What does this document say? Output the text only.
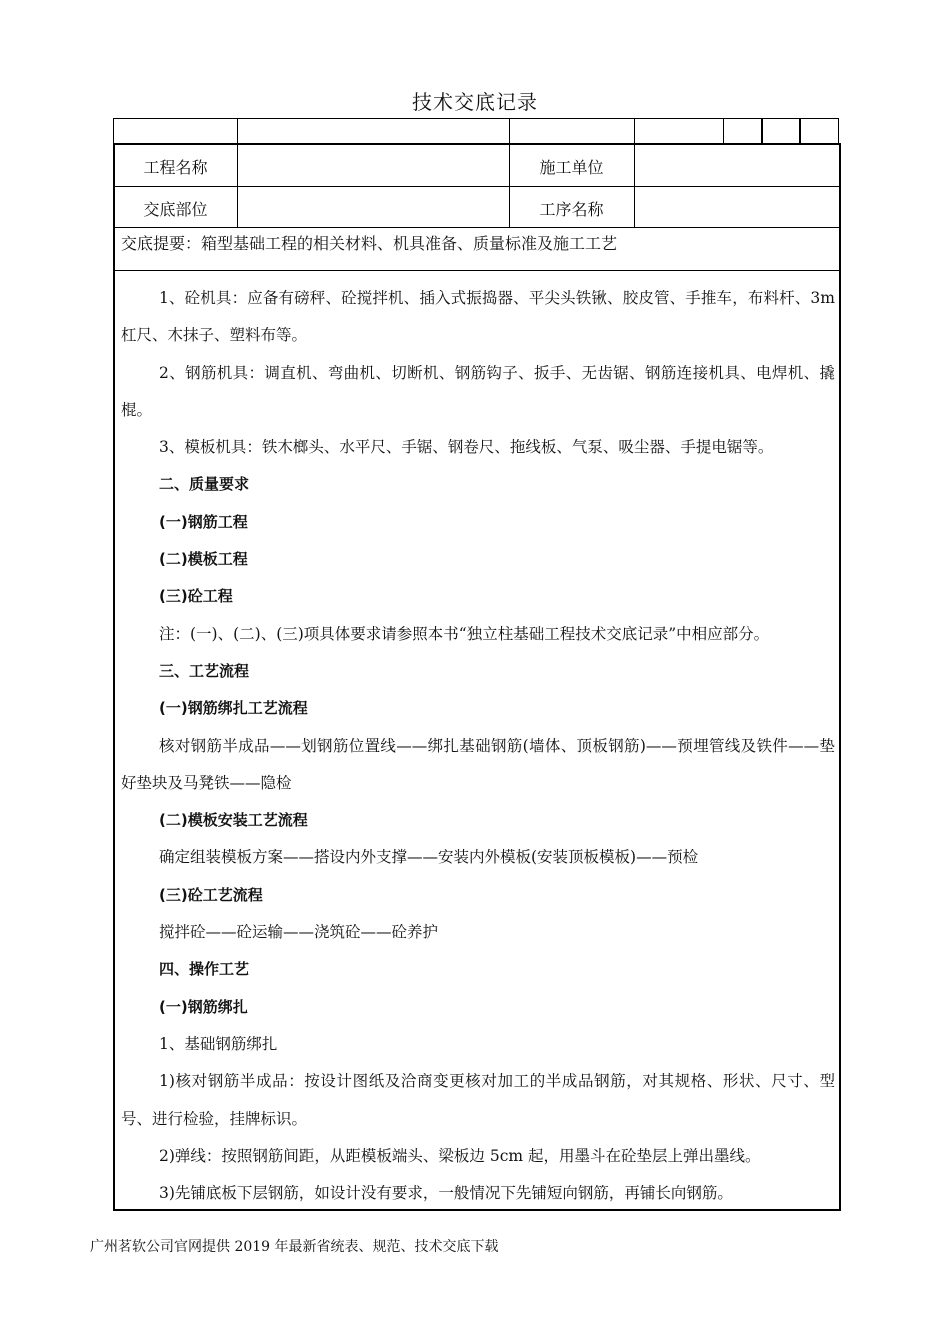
技术交底记录
工程名称	施工单位
交底部位	工序名称
交底提要：箱型基础工程的相关材料、机具准备、质量标准及施工工艺

1、砼机具：应备有磅秤、砼搅拌机、插入式振捣器、平尖头铁锹、胶皮管、手推车，布料杆、3m 杠尺、木抹子、塑料布等。

2、钢筋机具：调直机、弯曲机、切断机、钢筋钩子、扳手、无齿锯、钢筋连接机具、电焊机、撬棍。

3、模板机具：铁木榔头、水平尺、手锯、钢卷尺、拖线板、气泵、吸尘器、手提电锯等。

二、质量要求

(一)钢筋工程

(二)模板工程

(三)砼工程

注：(一)、(二)、(三)项具体要求请参照本书“独立柱基础工程技术交底记录”中相应部分。

三、工艺流程

(一)钢筋绑扎工艺流程

核对钢筋半成品——划钢筋位置线——绑扎基础钢筋(墙体、顶板钢筋)——预埋管线及铁件——垫好垫块及马凳铁——隐检

(二)模板安装工艺流程

确定组装模板方案——搭设内外支撑——安装内外模板(安装顶板模板)——预检

(三)砼工艺流程

搅拌砼——砼运输——浇筑砼——砼养护

四、操作工艺

(一)钢筋绑扎

1、基础钢筋绑扎

1)核对钢筋半成品：按设计图纸及洽商变更核对加工的半成品钢筋，对其规格、形状、尺寸、型号、进行检验，挂牌标识。

2)弹线：按照钢筋间距，从距模板端头、梁板边 5cm 起，用墨斗在砼垫层上弹出墨线。

3)先铺底板下层钢筋，如设计没有要求，一般情况下先铺短向钢筋，再铺长向钢筋。

广州茗软公司官网提供 2019 年最新省统表、规范、技术交底下载
